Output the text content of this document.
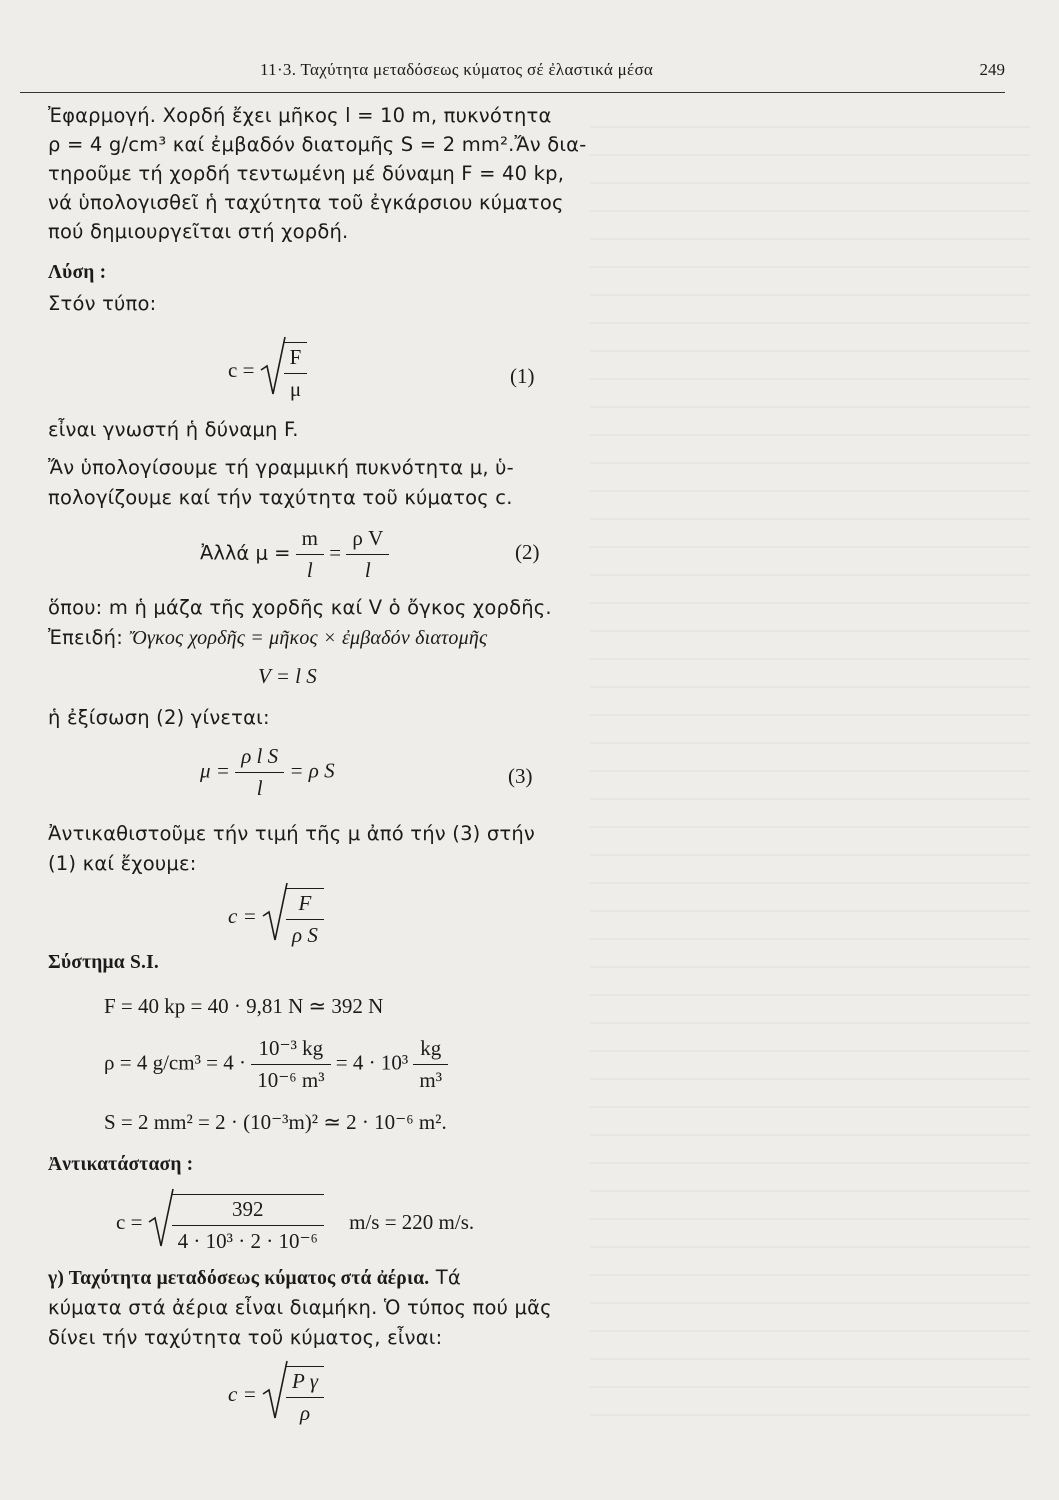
11·3. Ταχύτητα μεταδόσεως κύματος σέ ἐλαστικά μέσα	249
Ἐφαρμογή. Χορδή ἔχει μῆκος l = 10 m, πυκνότητα
ρ = 4 g/cm³ καί ἐμβαδόν διατομῆς S = 2 mm².Ἄν δια-
τηροῦμε τή χορδή τεντωμένη μέ δύναμη F = 40 kp,
νά ὑπολογισθεῖ ἡ ταχύτητα τοῦ ἐγκάρσιου κύματος
πού δημιουργεῖται στή χορδή.
Λύση :
Στόν τύπο:
$c = \frac{F}{\mu}$	(1)
εἶναι γνωστή ἡ δύναμη F.
Ἄν ὑπολογίσουμε τή γραμμική πυκνότητα μ, ὑ-
πολογίζουμε καί τήν ταχύτητα τοῦ κύματος c.
Ἀλλά $\mu = \frac{m}{l} = \frac{\text{ρ V}}{l}$	(2)
ὅπου: m ἡ μάζα τῆς χορδῆς καί V ὁ ὄγκος χορδῆς.
Ἐπειδή: Ὄγκος χορδῆς = μῆκος × ἐμβαδόν διατομῆς
V = l S
ἡ ἐξίσωση (2) γίνεται:
$\mu = \frac{\text{ρ l S}}{l} = \rho$ S	(3)
Ἀντικαθιστοῦμε τήν τιμή τῆς μ ἀπό τήν (3) στήν
(1) καί ἔχουμε:
$c = \frac{F}{\text{ρ S}}$
Σύστημα S.I.
F = 40 kp = 40 · 9,81 N ≃ 392 N
ρ = 4 $g/cm^3 = 4 \cdot \frac{\text{10⁻³ kg}}{\text{10⁻⁶ m³}} = 4 \cdot 10^3 \frac{kg}{\text{m³}}$
S = 2 mm² = 2 · (10⁻³m)² ≃ 2 · 10⁻⁶ m².
Ἀντικατάσταση :
$c = \frac{392}{\text{4 · 10³ · 2 · 10⁻⁶}} m/s = 220$ m/s.
γ) Ταχύτητα μεταδόσεως κύματος στά ἀέρια. Τά
κύματα στά ἀέρια εἶναι διαμήκη. Ὁ τύπος πού μᾶς
δίνει τήν ταχύτητα τοῦ κύματος, εἶναι:
$c = \frac{\text{P γ}}{\rho}$
